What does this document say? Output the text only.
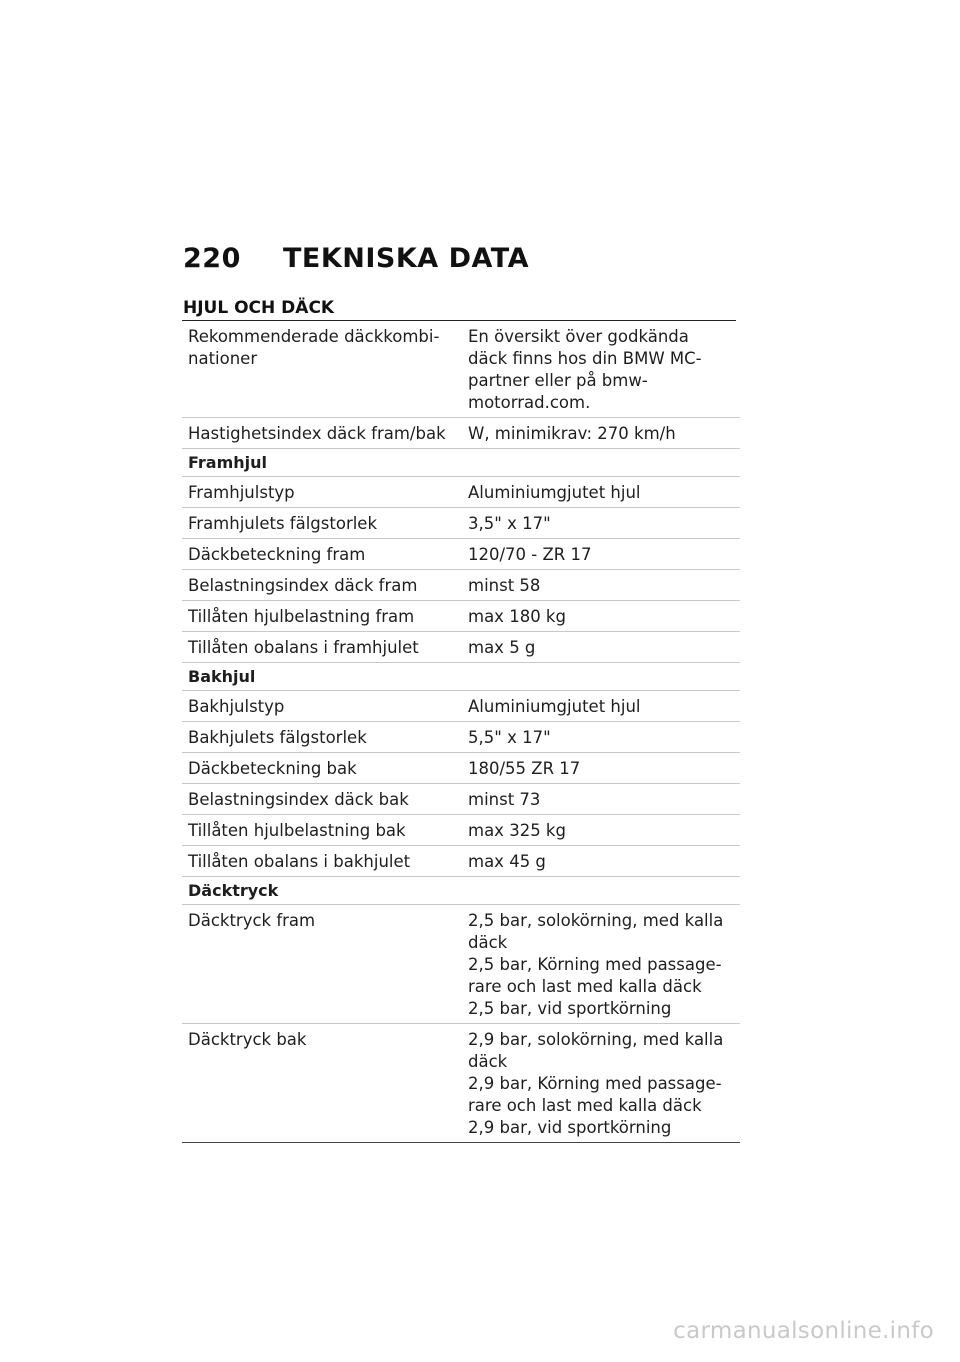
220 TEKNISKA DATA
HJUL OCH DÄCK
Rekommenderade däckkombi-
nationer	En översikt över godkända
däck finns hos din BMW MC-
partner eller på bmw-
motorrad.com.

Hastighetsindex däck fram/bak	W, minimikrav: 270 km/h

Framhjul	

Framhjulstyp	Aluminiumgjutet hjul

Framhjulets fälgstorlek	3,5" x 17"

Däckbeteckning fram	120/70 - ZR 17

Belastningsindex däck fram	minst 58

Tillåten hjulbelastning fram	max 180 kg

Tillåten obalans i framhjulet	max 5 g

Bakhjul	

Bakhjulstyp	Aluminiumgjutet hjul

Bakhjulets fälgstorlek	5,5" x 17"

Däckbeteckning bak	180/55 ZR 17

Belastningsindex däck bak	minst 73

Tillåten hjulbelastning bak	max 325 kg

Tillåten obalans i bakhjulet	max 45 g

Däcktryck	

Däcktryck fram	2,5 bar, solokörning, med kalla
däck
2,5 bar, Körning med passage-
rare och last med kalla däck
2,5 bar, vid sportkörning

Däcktryck bak	2,9 bar, solokörning, med kalla
däck
2,9 bar, Körning med passage-
rare och last med kalla däck
2,9 bar, vid sportkörning
carmanualsonline.info
